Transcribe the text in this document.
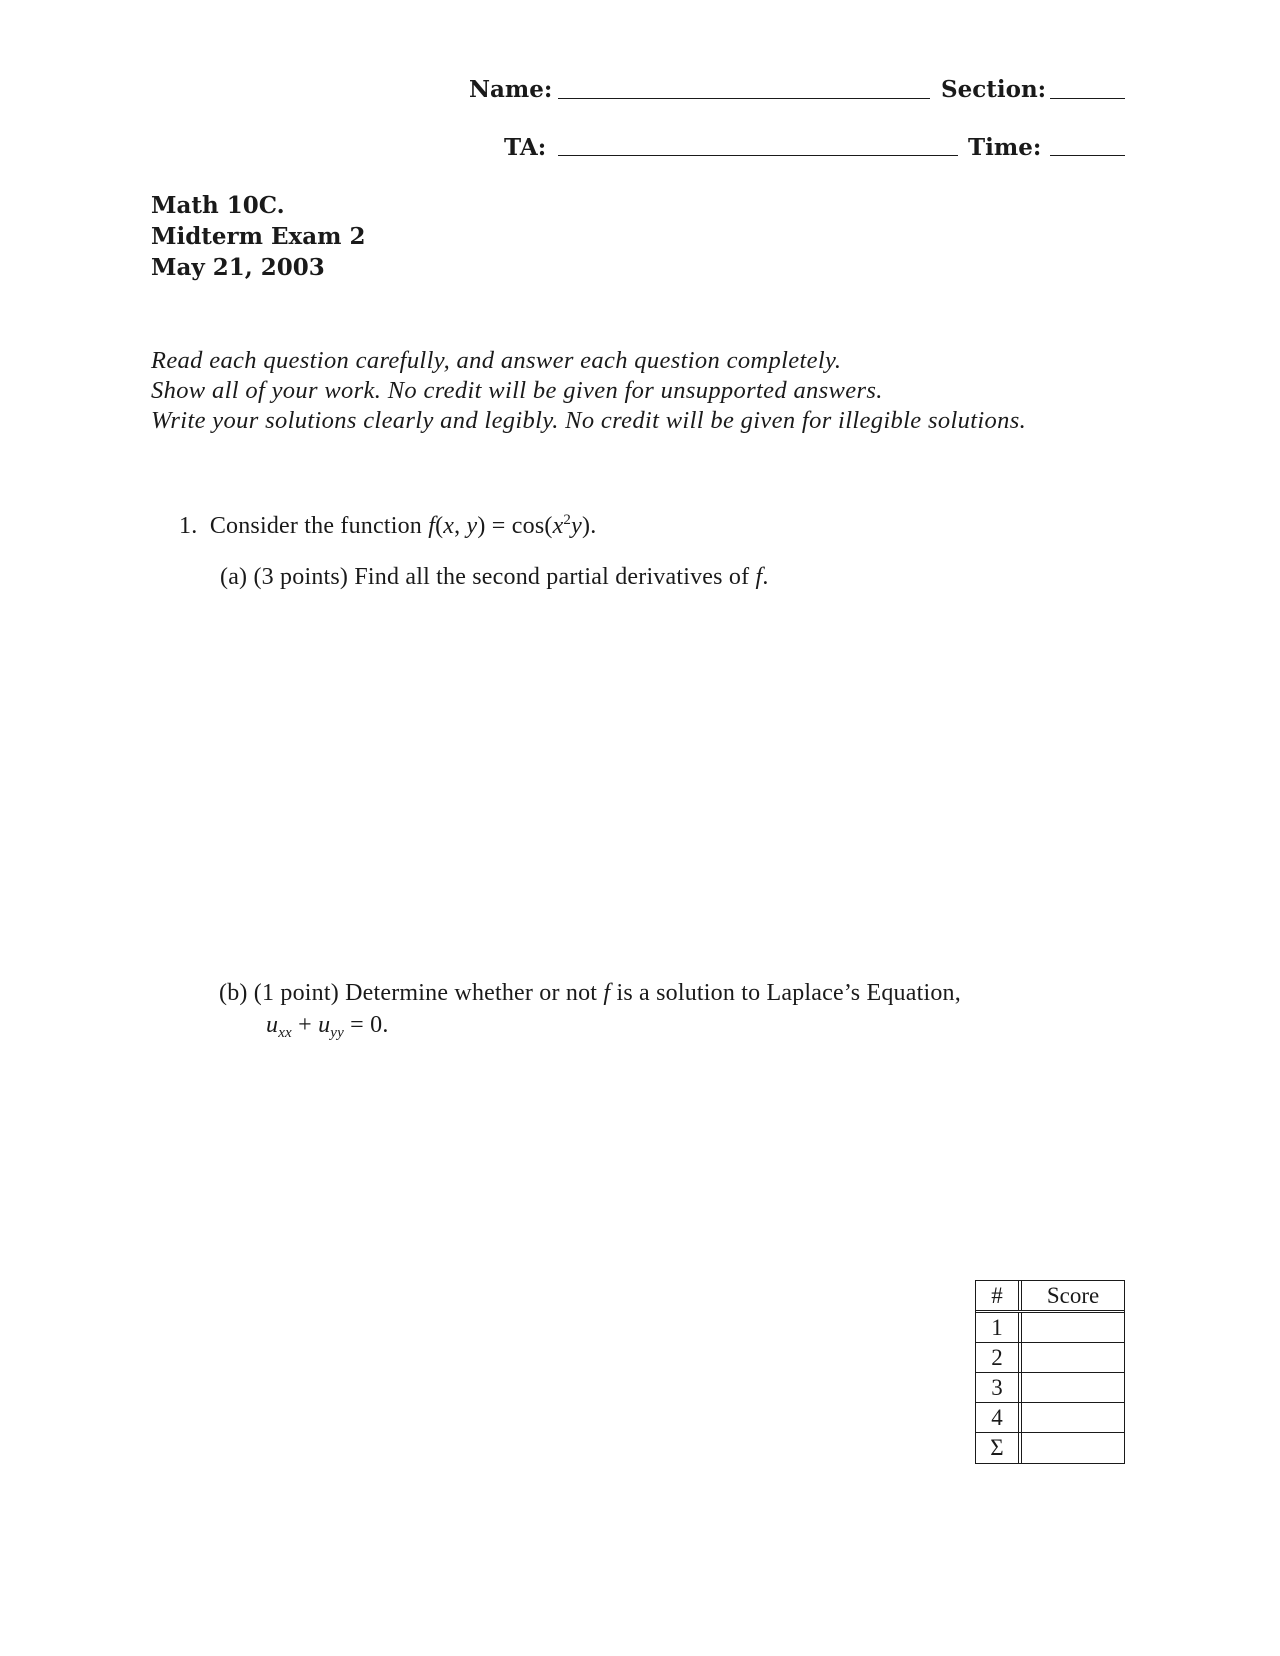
Name:	Section:
TA:	Time:
Math 10C.
Midterm Exam 2
May 21, 2003
Read each question carefully, and answer each question completely.
Show all of your work. No credit will be given for unsupported answers.
Write your solutions clearly and legibly. No credit will be given for illegible solutions.
1. Consider the function f(x, $y) = \cos(x^2y)$.
(a) (3 points) Find all the second partial derivatives of f.
(b) (1 point) Determine whether or not f is a solution to Laplace’s Equation,
$u_{xx} + u_{yy} = 0$.
#	Score
1
2
3
4
Σ
